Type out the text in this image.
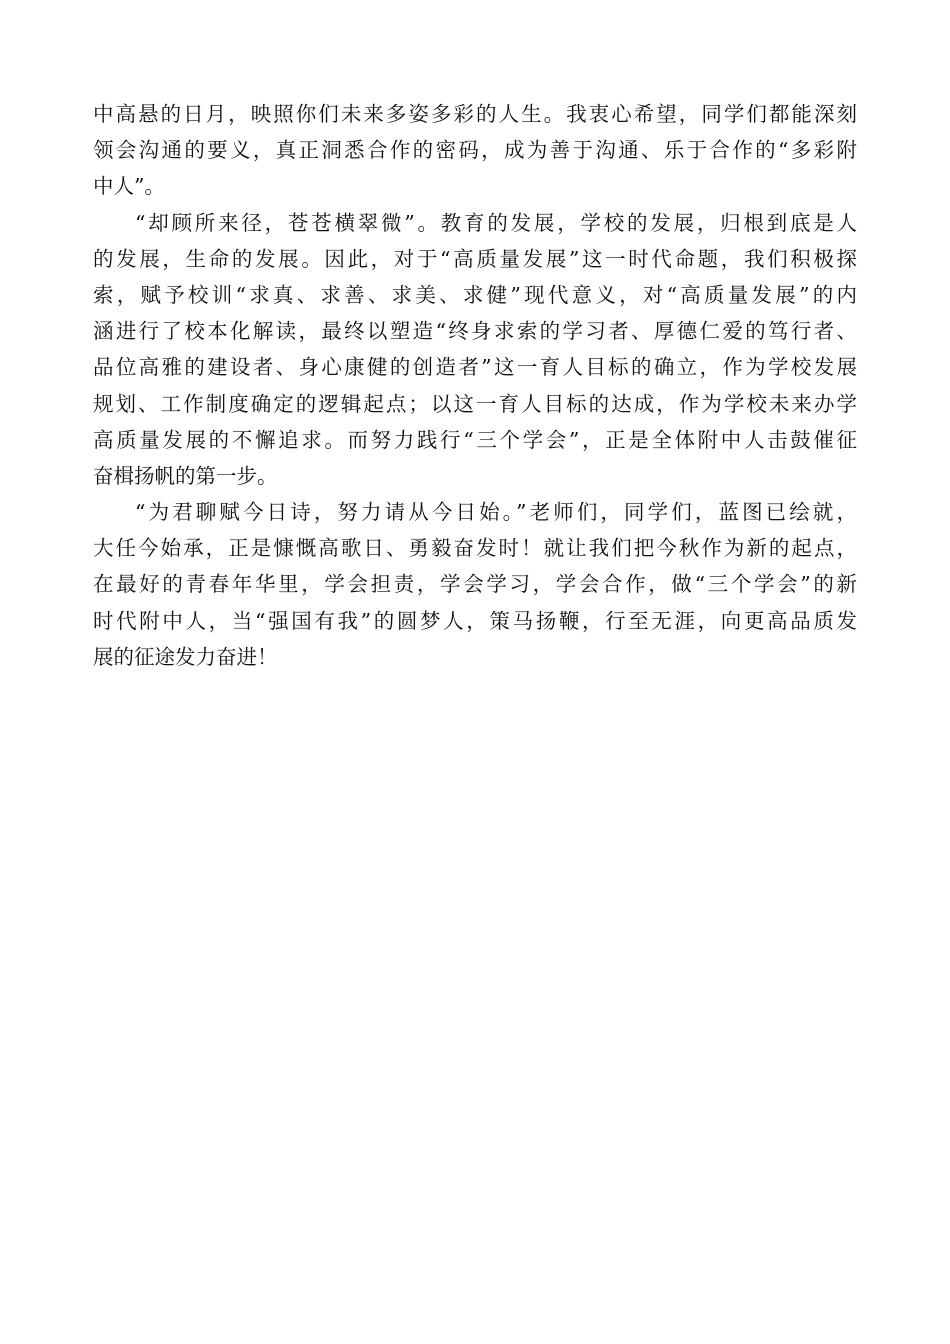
中高悬的日月，映照你们未来多姿多彩的人生。我衷心希望，同学们都能深刻
领会沟通的要义，真正洞悉合作的密码，成为善于沟通、乐于合作的“多彩附
中人”。
“却顾所来径，苍苍横翠微”。教育的发展，学校的发展，归根到底是人
的发展，生命的发展。因此，对于“高质量发展”这一时代命题，我们积极探
索，赋予校训“求真、求善、求美、求健”现代意义，对“高质量发展”的内
涵进行了校本化解读，最终以塑造“终身求索的学习者、厚德仁爱的笃行者、
品位高雅的建设者、身心康健的创造者”这一育人目标的确立，作为学校发展
规划、工作制度确定的逻辑起点；以这一育人目标的达成，作为学校未来办学
高质量发展的不懈追求。而努力践行“三个学会”，正是全体附中人击鼓催征
奋楫扬帆的第一步。
“为君聊赋今日诗，努力请从今日始。”老师们，同学们，蓝图已绘就，
大任今始承，正是慷慨高歌日、勇毅奋发时！就让我们把今秋作为新的起点，
在最好的青春年华里，学会担责，学会学习，学会合作，做“三个学会”的新
时代附中人，当“强国有我”的圆梦人，策马扬鞭，行至无涯，向更高品质发
展的征途发力奋进！
